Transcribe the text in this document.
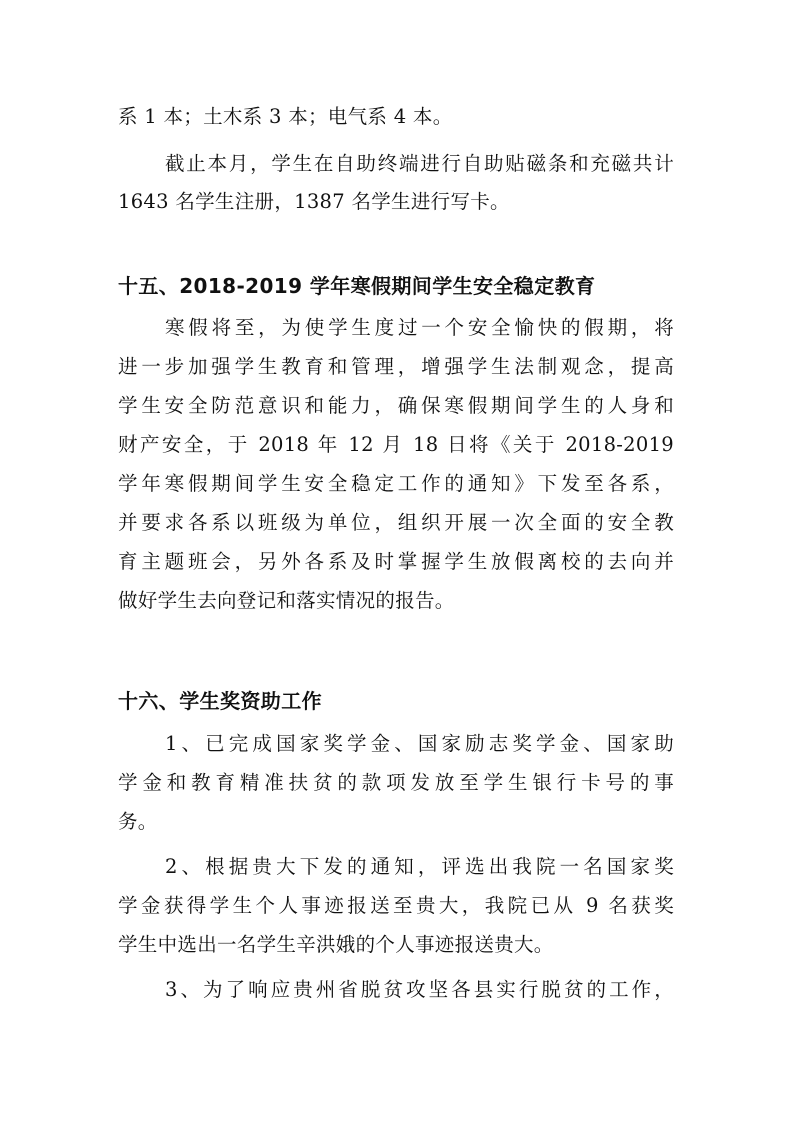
系 1 本；土木系 3 本；电气系 4 本。
截止本月，学生在自助终端进行自助贴磁条和充磁共计
1643 名学生注册，1387 名学生进行写卡。
十五、2018-2019 学年寒假期间学生安全稳定教育
寒假将至，为使学生度过一个安全愉快的假期，将
进一步加强学生教育和管理，增强学生法制观念，提高
学生安全防范意识和能力，确保寒假期间学生的人身和
财产安全，于 2018 年 12 月 18 日将《关于 2018-2019
学年寒假期间学生安全稳定工作的通知》下发至各系，
并要求各系以班级为单位，组织开展一次全面的安全教
育主题班会，另外各系及时掌握学生放假离校的去向并
做好学生去向登记和落实情况的报告。
十六、学生奖资助工作
1、已完成国家奖学金、国家励志奖学金、国家助
学金和教育精准扶贫的款项发放至学生银行卡号的事
务。
2、根据贵大下发的通知，评选出我院一名国家奖
学金获得学生个人事迹报送至贵大，我院已从 9 名获奖
学生中选出一名学生辛洪娥的个人事迹报送贵大。
3、为了响应贵州省脱贫攻坚各县实行脱贫的工作，
